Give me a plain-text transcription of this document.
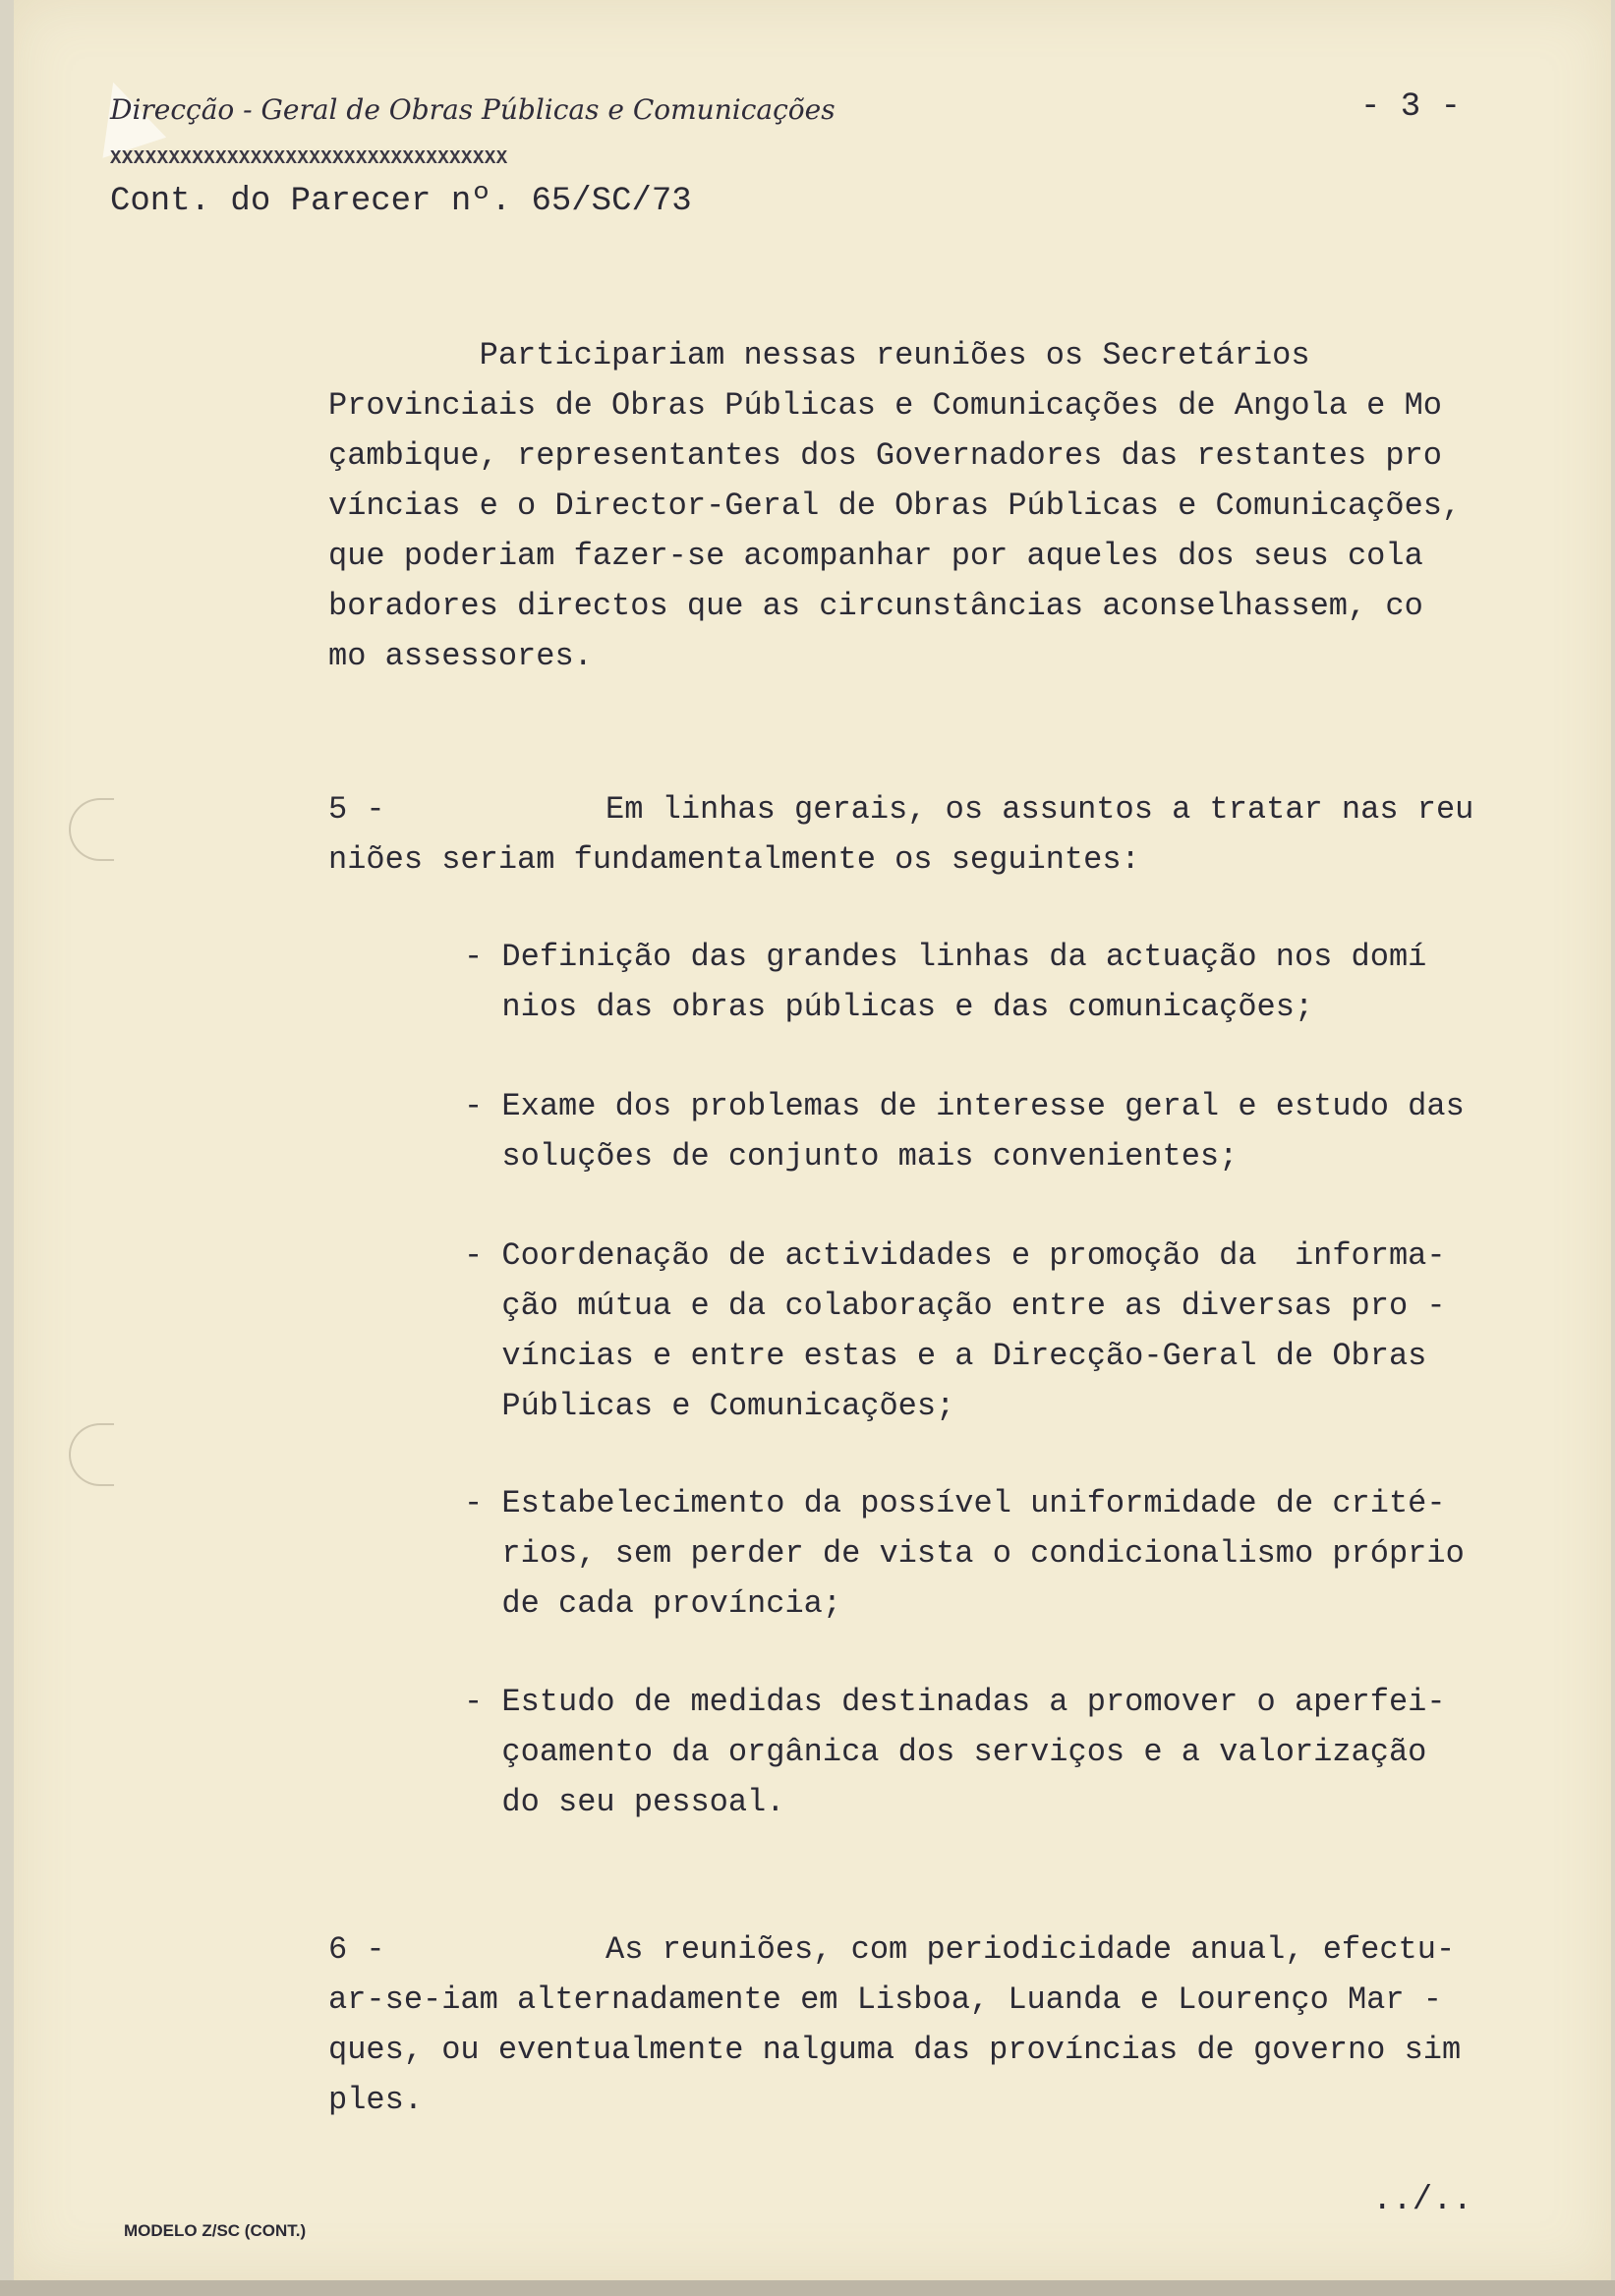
Direcção - Geral de Obras Públicas e Comunicações
XXXXXXXXXXXXXXXXXXXXXXXXXXXXXXXXXX
Cont. do Parecer nº. 65/SC/73
- 3 -
Participariam nessas reuniões os Secretários
Provinciais de Obras Públicas e Comunicações de Angola e Mo
çambique, representantes dos Governadores das restantes pro
víncias e o Director-Geral de Obras Públicas e Comunicações,
que poderiam fazer-se acompanhar por aqueles dos seus cola
boradores directos que as circunstâncias aconselhassem, co
mo assessores.
5 -	Em linhas gerais, os assuntos a tratar nas reu
niões seriam fundamentalmente os seguintes:
- Definição das grandes linhas da actuação nos domí
nios das obras públicas e das comunicações;
- Exame dos problemas de interesse geral e estudo das
soluções de conjunto mais convenientes;
- Coordenação de actividades e promoção da  informa-
ção mútua e da colaboração entre as diversas pro -
víncias e entre estas e a Direcção-Geral de Obras
Públicas e Comunicações;
- Estabelecimento da possível uniformidade de crité-
rios, sem perder de vista o condicionalismo próprio
de cada província;
- Estudo de medidas destinadas a promover o aperfei-
çoamento da orgânica dos serviços e a valorização
do seu pessoal.
6 -	As reuniões, com periodicidade anual, efectu-
ar-se-iam alternadamente em Lisboa, Luanda e Lourenço Mar -
ques, ou eventualmente nalguma das províncias de governo sim
ples.
../..
MODELO Z/SC (CONT.)
